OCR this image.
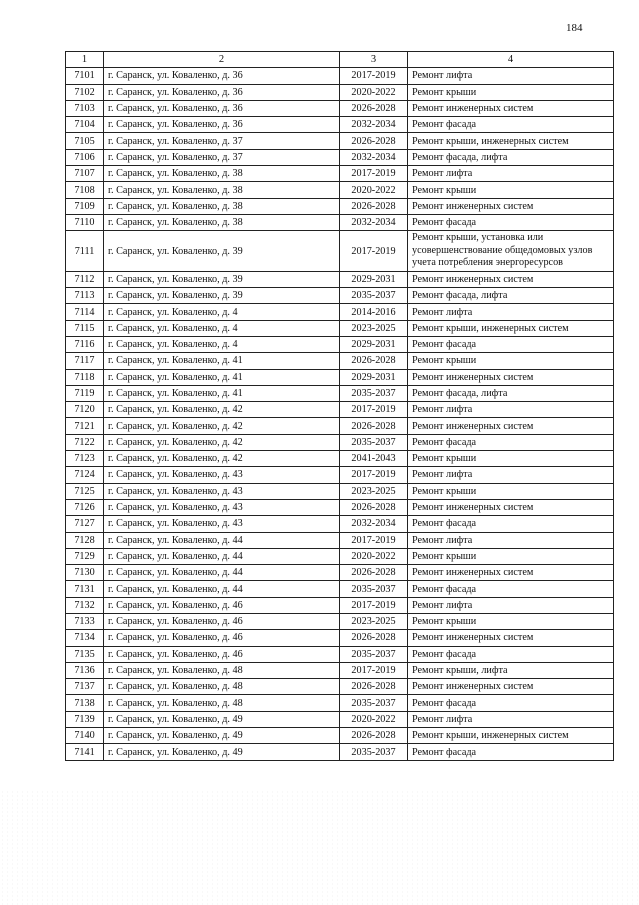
184
1	2	3	4
7101	г. Саранск, ул. Коваленко, д. 36	2017-2019	Ремонт лифта
7102	г. Саранск, ул. Коваленко, д. 36	2020-2022	Ремонт крыши
7103	г. Саранск, ул. Коваленко, д. 36	2026-2028	Ремонт инженерных систем
7104	г. Саранск, ул. Коваленко, д. 36	2032-2034	Ремонт фасада
7105	г. Саранск, ул. Коваленко, д. 37	2026-2028	Ремонт крыши, инженерных систем
7106	г. Саранск, ул. Коваленко, д. 37	2032-2034	Ремонт фасада, лифта
7107	г. Саранск, ул. Коваленко, д. 38	2017-2019	Ремонт лифта
7108	г. Саранск, ул. Коваленко, д. 38	2020-2022	Ремонт крыши
7109	г. Саранск, ул. Коваленко, д. 38	2026-2028	Ремонт инженерных систем
7110	г. Саранск, ул. Коваленко, д. 38	2032-2034	Ремонт фасада
7111	г. Саранск, ул. Коваленко, д. 39	2017-2019	Ремонт крыши, установка или усовершенствование общедомовых узлов учета потребления энергоресурсов
7112	г. Саранск, ул. Коваленко, д. 39	2029-2031	Ремонт инженерных систем
7113	г. Саранск, ул. Коваленко, д. 39	2035-2037	Ремонт фасада, лифта
7114	г. Саранск, ул. Коваленко, д. 4	2014-2016	Ремонт лифта
7115	г. Саранск, ул. Коваленко, д. 4	2023-2025	Ремонт крыши, инженерных систем
7116	г. Саранск, ул. Коваленко, д. 4	2029-2031	Ремонт фасада
7117	г. Саранск, ул. Коваленко, д. 41	2026-2028	Ремонт крыши
7118	г. Саранск, ул. Коваленко, д. 41	2029-2031	Ремонт инженерных систем
7119	г. Саранск, ул. Коваленко, д. 41	2035-2037	Ремонт фасада, лифта
7120	г. Саранск, ул. Коваленко, д. 42	2017-2019	Ремонт лифта
7121	г. Саранск, ул. Коваленко, д. 42	2026-2028	Ремонт инженерных систем
7122	г. Саранск, ул. Коваленко, д. 42	2035-2037	Ремонт фасада
7123	г. Саранск, ул. Коваленко, д. 42	2041-2043	Ремонт крыши
7124	г. Саранск, ул. Коваленко, д. 43	2017-2019	Ремонт лифта
7125	г. Саранск, ул. Коваленко, д. 43	2023-2025	Ремонт крыши
7126	г. Саранск, ул. Коваленко, д. 43	2026-2028	Ремонт инженерных систем
7127	г. Саранск, ул. Коваленко, д. 43	2032-2034	Ремонт фасада
7128	г. Саранск, ул. Коваленко, д. 44	2017-2019	Ремонт лифта
7129	г. Саранск, ул. Коваленко, д. 44	2020-2022	Ремонт крыши
7130	г. Саранск, ул. Коваленко, д. 44	2026-2028	Ремонт инженерных систем
7131	г. Саранск, ул. Коваленко, д. 44	2035-2037	Ремонт фасада
7132	г. Саранск, ул. Коваленко, д. 46	2017-2019	Ремонт лифта
7133	г. Саранск, ул. Коваленко, д. 46	2023-2025	Ремонт крыши
7134	г. Саранск, ул. Коваленко, д. 46	2026-2028	Ремонт инженерных систем
7135	г. Саранск, ул. Коваленко, д. 46	2035-2037	Ремонт фасада
7136	г. Саранск, ул. Коваленко, д. 48	2017-2019	Ремонт крыши, лифта
7137	г. Саранск, ул. Коваленко, д. 48	2026-2028	Ремонт инженерных систем
7138	г. Саранск, ул. Коваленко, д. 48	2035-2037	Ремонт фасада
7139	г. Саранск, ул. Коваленко, д. 49	2020-2022	Ремонт лифта
7140	г. Саранск, ул. Коваленко, д. 49	2026-2028	Ремонт крыши, инженерных систем
7141	г. Саранск, ул. Коваленко, д. 49	2035-2037	Ремонт фасада
